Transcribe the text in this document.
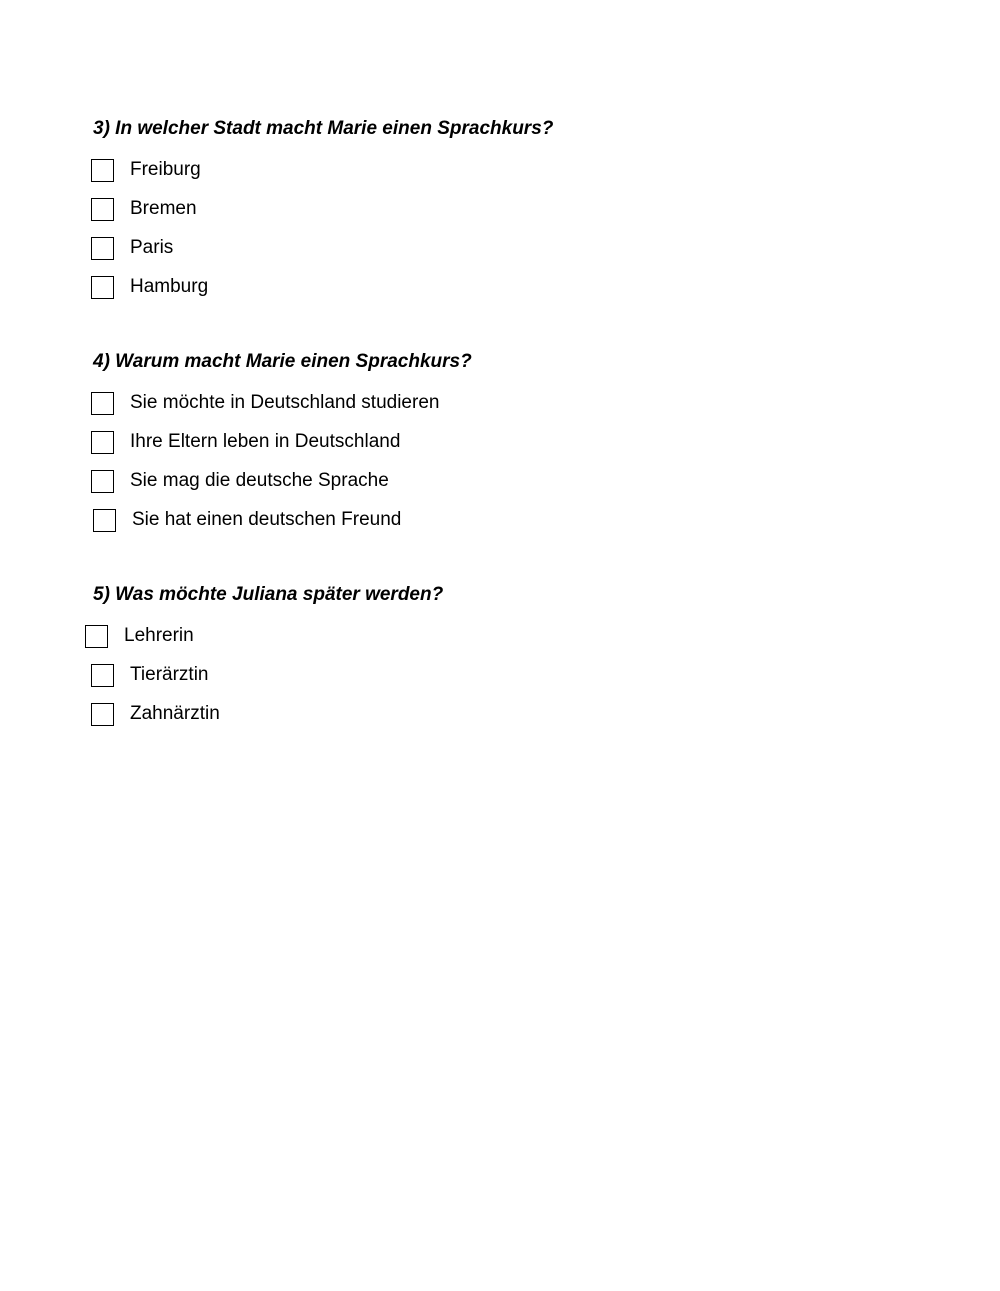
3) In welcher Stadt macht Marie einen Sprachkurs?
Freiburg
Bremen
Paris
Hamburg
4) Warum macht Marie einen Sprachkurs?
Sie möchte in Deutschland studieren
Ihre Eltern leben in Deutschland
Sie mag die deutsche Sprache
Sie hat einen deutschen Freund
5) Was möchte Juliana später werden?
Lehrerin
Tierärztin
Zahnärztin
